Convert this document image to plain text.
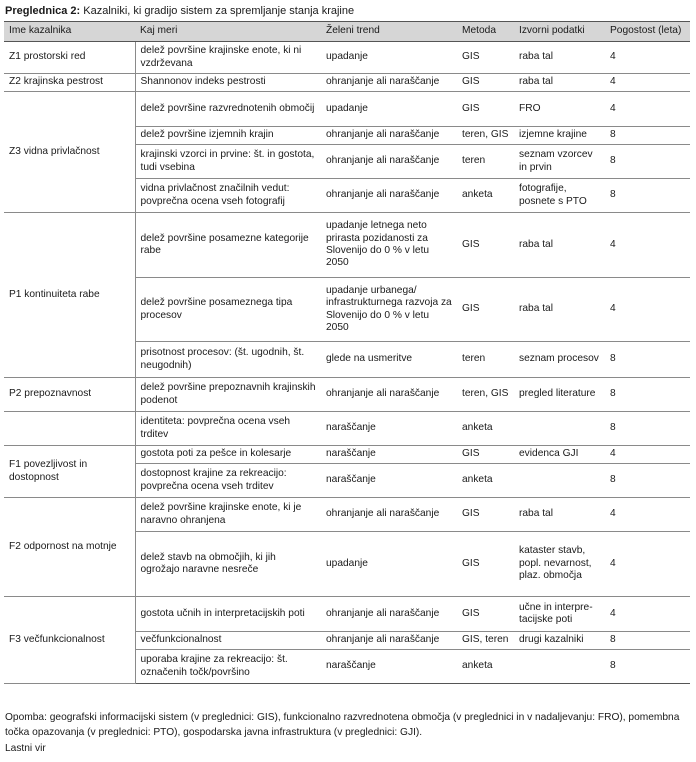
Preglednica 2: Kazalniki, ki gradijo sistem za spremljanje stanja krajine
Ime kazalnika	Kaj meri	Želeni trend	Metoda	Izvorni podatki	Pogostost (leta)
Z1 prostorski red	delež površine krajinske enote, ki ni vzdrževana	upadanje	GIS	raba tal	4
Z2 krajinska pestrost	Shannonov indeks pestrosti	ohranjanje ali naraščanje	GIS	raba tal	4
Z3 vidna privlačnost	delež površine razvrednotenih območij	upadanje	GIS	FRO	4
	delež površine izjemnih krajin	ohranjanje ali naraščanje	teren, GIS	izjemne krajine	8
	krajinski vzorci in prvine: št. in gostota, tudi vsebina	ohranjanje ali naraščanje	teren	seznam vzorcev in prvin	8
	vidna privlačnost značilnih vedut: povprečna ocena vseh fotografij	ohranjanje ali naraščanje	anketa	fotografije, posnete s PTO	8
P1 kontinuiteta rabe	delež površine posamezne kategorije rabe	upadanje letnega neto prirasta pozidanosti za Slovenijo do 0 % v letu 2050	GIS	raba tal	4
	delež površine posameznega tipa procesov	upadanje urbanega/ infrastrukturnega razvoja za Slovenijo do 0 % v letu 2050	GIS	raba tal	4
	prisotnost procesov: (št. ugodnih, št. neugodnih)	glede na usmeritve	teren	seznam procesov	8
P2 prepoznavnost	delež površine prepoznavnih krajinskih podenot	ohranjanje ali naraščanje	teren, GIS	pregled literature	8
	identiteta: povprečna ocena vseh trditev	naraščanje	anketa		8
F1 povezljivost in dostopnost	gostota poti za pešce in kolesarje	naraščanje	GIS	evidenca GJI	4
	dostopnost krajine za rekreacijo: povprečna ocena vseh trditev	naraščanje	anketa		8
F2 odpornost na motnje	delež površine krajinske enote, ki je naravno ohranjena	ohranjanje ali naraščanje	GIS	raba tal	4
	delež stavb na območjih, ki jih ogrožajo naravne nesreče	upadanje	GIS	kataster stavb, popl. nevarnost, plaz. območja	4
F3 večfunkcionalnost	gostota učnih in interpretacijskih poti	ohranjanje ali naraščanje	GIS	učne in interpre-tacijske poti	4
	večfunkcionalnost	ohranjanje ali naraščanje	GIS, teren	drugi kazalniki	8
	uporaba krajine za rekreacijo: št. označenih točk/površino	naraščanje	anketa		8
Opomba: geografski informacijski sistem (v preglednici: GIS), funkcionalno razvrednotena območja (v preglednici in v nadaljevanju: FRO), pomembna točka opazovanja (v preglednici: PTO), gospodarska javna infrastruktura (v preglednici: GJI).
Lastni vir
